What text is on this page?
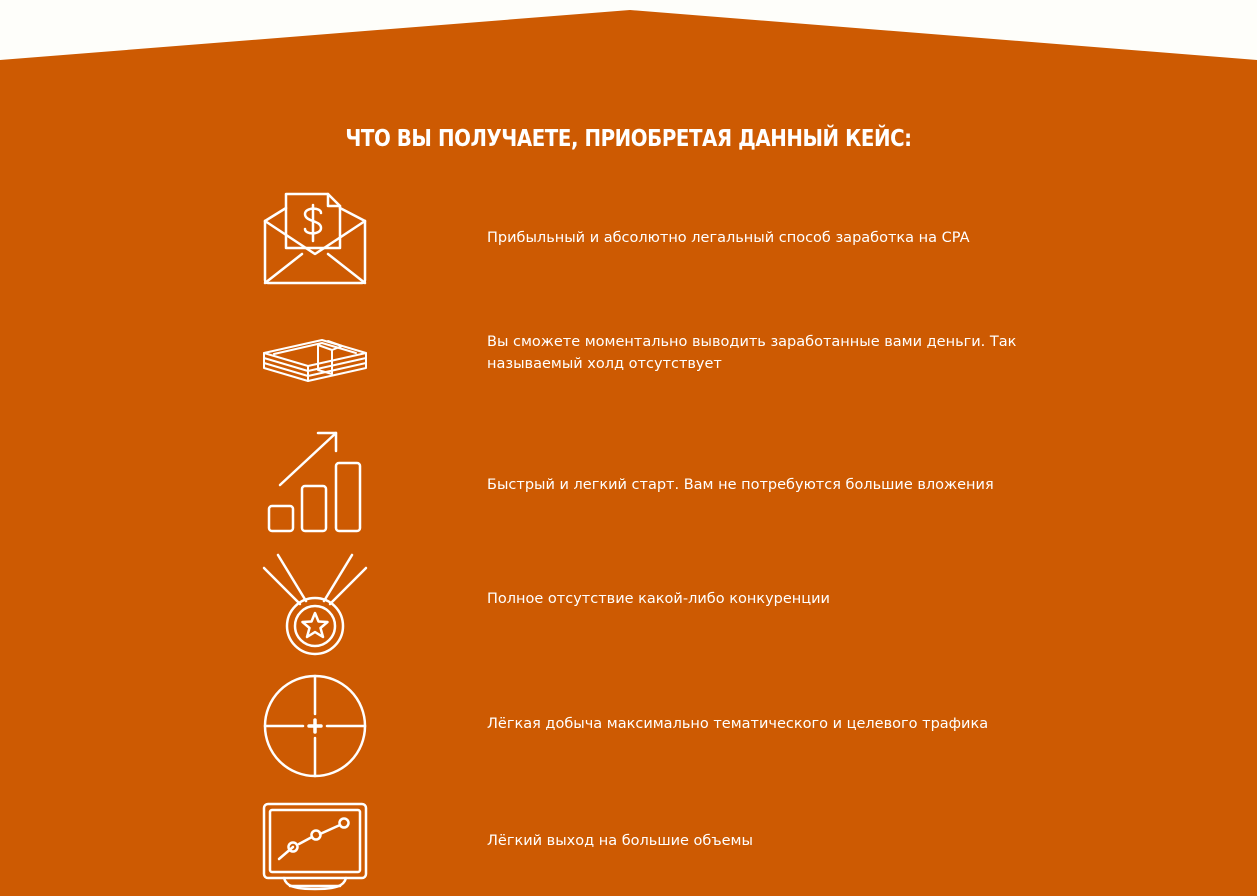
ЧТО ВЫ ПОЛУЧАЕТЕ, ПРИОБРЕТАЯ ДАННЫЙ КЕЙС:

Прибыльный и абсолютно легальный способ заработка на CPA

Вы сможете моментально выводить заработанные вами деньги. Так называемый холд отсутствует

Быстрый и легкий старт. Вам не потребуются большие вложения

Полное отсутствие какой-либо конкуренции

Лёгкая добыча максимально тематического и целевого трафика

Лёгкий выход на большие объемы
